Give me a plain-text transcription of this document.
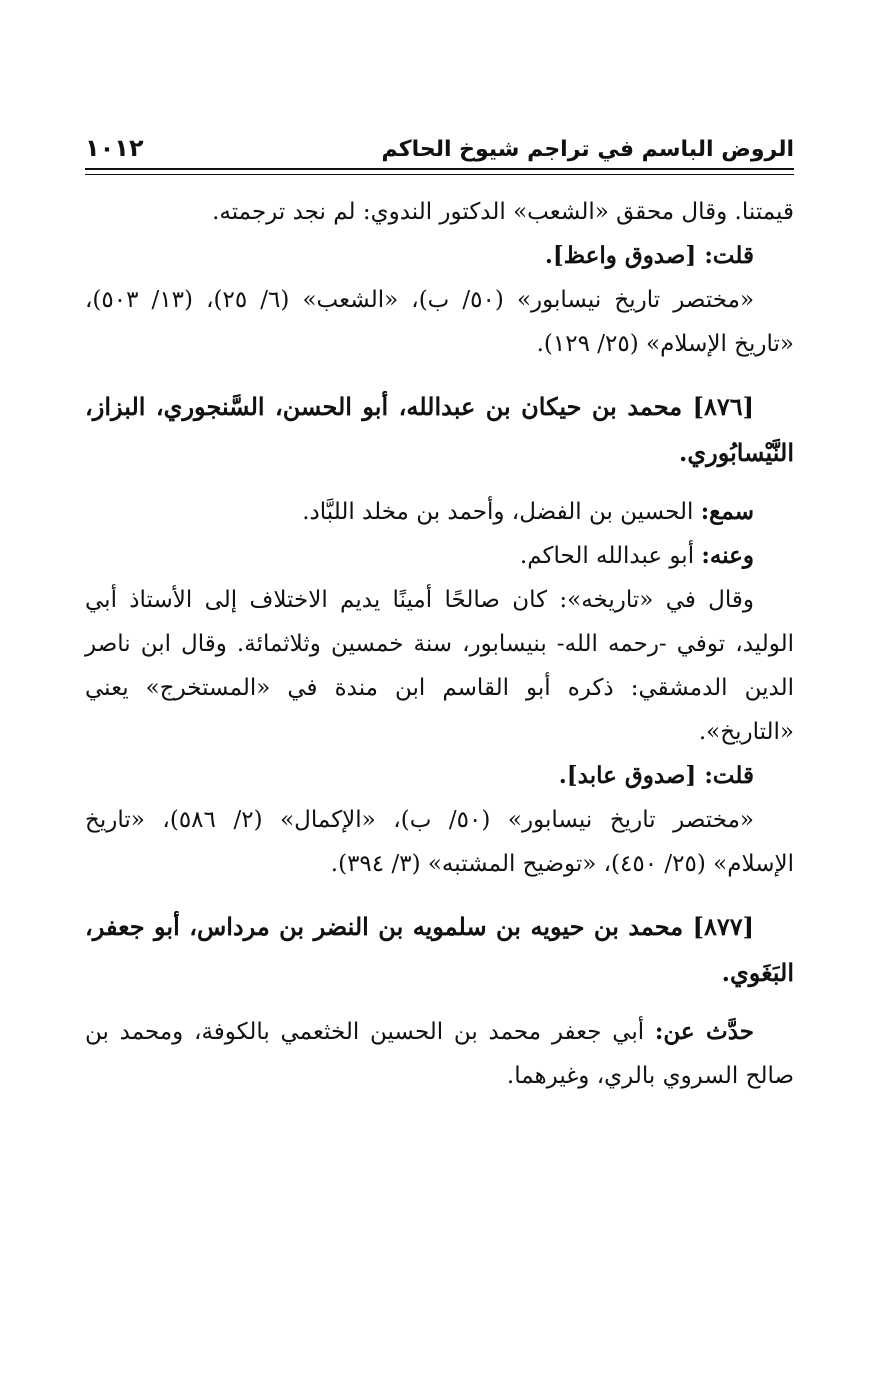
١٠١٢	الروض الباسم في تراجم شيوخ الحاكم

قيمتنا. وقال محقق «الشعب» الدكتور الندوي: لم نجد ترجمته.

قلت: [صدوق واعظ].

«مختصر تاريخ نيسابور» (٥٠/ ب)، «الشعب» (٦/ ٢٥)، (١٣/ ٥٠٣)، «تاريخ الإسلام» (٢٥/ ١٢٩).

[٨٧٦] محمد بن حيكان بن عبدالله، أبو الحسن، السَّنجوري، البزاز، النَّيْسابُوري.

سمع: الحسين بن الفضل، وأحمد بن مخلد اللبَّاد.

وعنه: أبو عبدالله الحاكم.

وقال في «تاريخه»: كان صالحًا أمينًا يديم الاختلاف إلى الأستاذ أبي الوليد، توفي -رحمه الله- بنيسابور، سنة خمسين وثلاثمائة. وقال ابن ناصر الدين الدمشقي: ذكره أبو القاسم ابن مندة في «المستخرج» يعني «التاريخ».

قلت: [صدوق عابد].

«مختصر تاريخ نيسابور» (٥٠/ ب)، «الإكمال» (٢/ ٥٨٦)، «تاريخ الإسلام» (٢٥/ ٤٥٠)، «توضيح المشتبه» (٣/ ٣٩٤).

[٨٧٧] محمد بن حيويه بن سلمويه بن النضر بن مرداس، أبو جعفر، البَغَوي.

حدَّث عن: أبي جعفر محمد بن الحسين الخثعمي بالكوفة، ومحمد بن صالح السروي بالري، وغيرهما.
